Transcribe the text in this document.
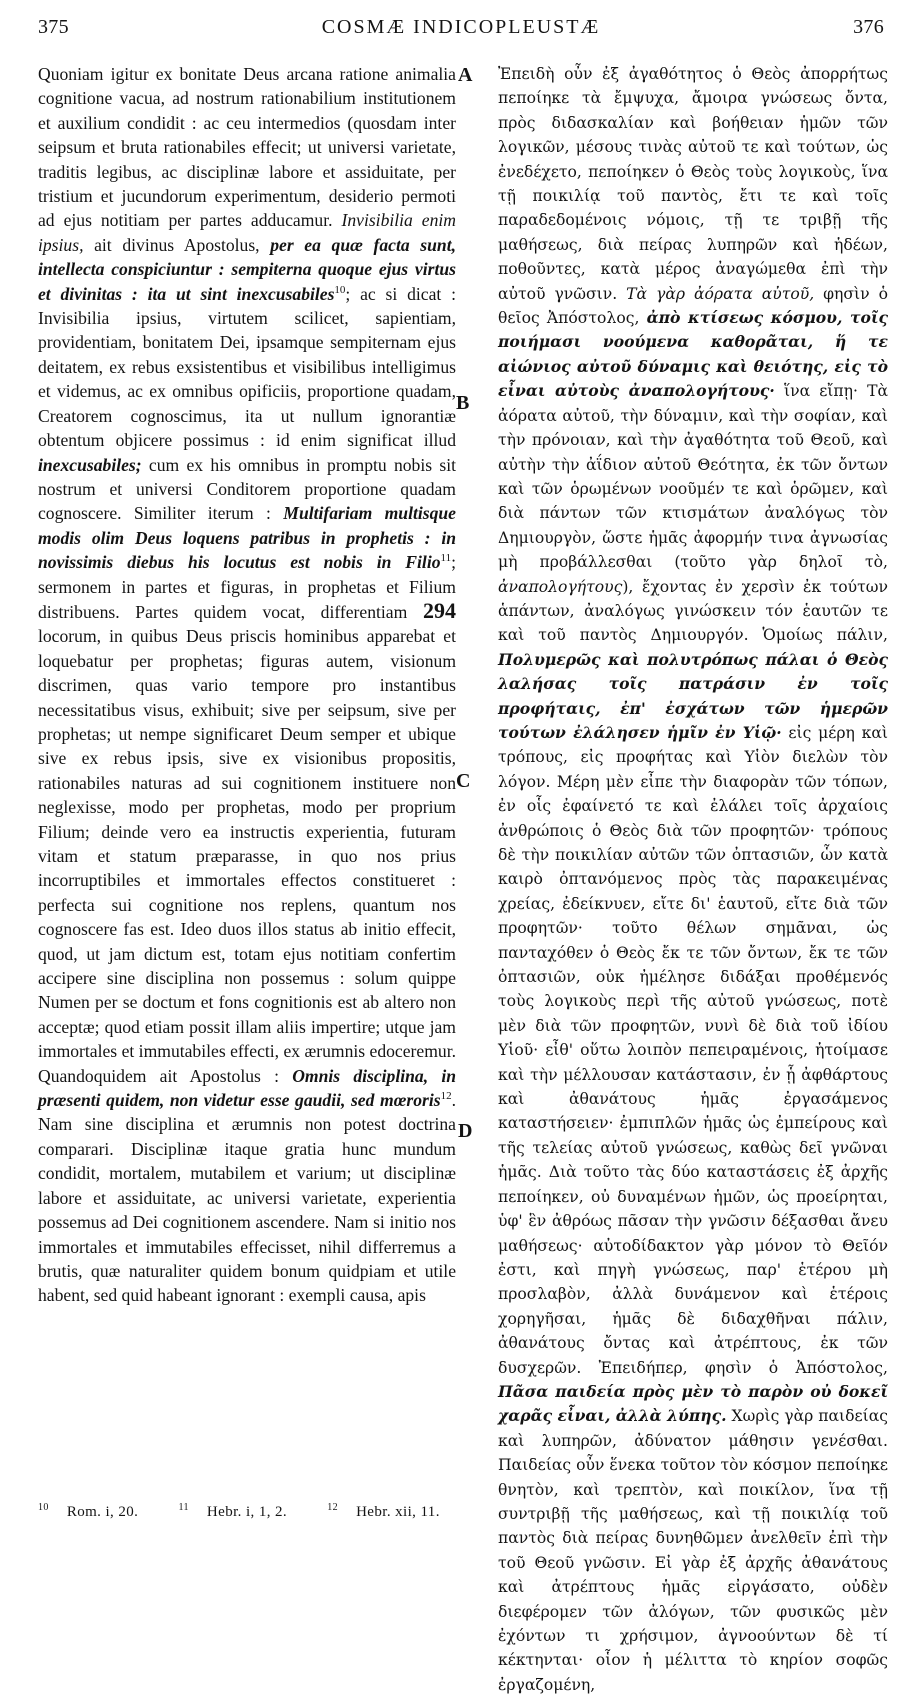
375	COSMÆ INDICOPLEUSTÆ	376
A
B
C
D

Quoniam igitur ex bonitate Deus arcana ratione animalia cognitione vacua, ad nostrum rationabilium institutionem et auxilium condidit : ac ceu intermedios (quosdam inter seipsum et bruta rationabiles effecit; ut universi varietate, traditis legibus, ac disciplinæ labore et assiduitate, per tristium et jucundorum experimentum, desiderio permoti ad ejus notitiam per partes adducamur. Invisibilia enim ipsius, ait divinus Apostolus, per ea quæ facta sunt, intellecta conspiciuntur : sempiterna quoque ejus virtus et divinitas : ita ut sint inexcusabiles$^{10}$; ac si dicat : Invisibilia ipsius, virtutem scilicet, sapientiam, providentiam, bonitatem Dei, ipsamque sempiternam ejus deitatem, ex rebus exsistentibus et visibilibus intelligimus et videmus, ac ex omnibus opificiis, proportione quadam, Creatorem cognoscimus, ita ut nullum ignorantiæ obtentum objicere possimus : id enim significat illud inexcusabiles; cum ex his omnibus in promptu nobis sit nostrum et universi Conditorem proportione quadam cognoscere. Similiter iterum : Multifariam multisque modis olim Deus loquens patribus in prophetis : in novissimis diebus his locutus est nobis in Filio$^{11}$; sermonem in partes et figuras, in prophetas et Filium distribuens. Partes quidem vocat, differentiam 294 locorum, in quibus Deus priscis hominibus apparebat et loquebatur per prophetas; figuras autem, visionum discrimen, quas vario tempore pro instantibus necessitatibus visus, exhibuit; sive per seipsum, sive per prophetas; ut nempe significaret Deum semper et ubique sive ex rebus ipsis, sive ex visionibus propositis, rationabiles naturas ad sui cognitionem instituere non neglexisse, modo per prophetas, modo per proprium Filium; deinde vero ea instructis experientia, futuram vitam et statum præparasse, in quo nos prius incorruptibiles et immortales effectos constitueret : perfecta sui cognitione nos replens, quantum nos cognoscere fas est. Ideo duos illos status ab initio effecit, quod, ut jam dictum est, totam ejus notitiam confertim accipere sine disciplina non possemus : solum quippe Numen per se doctum et fons cognitionis est ab altero non acceptæ; quod etiam possit illam aliis impertire; utque jam immortales et immutabiles effecti, ex ærumnis edoceremur. Quandoquidem ait Apostolus : Omnis disciplina, in præsenti quidem, non videtur esse gaudii, sed mœroris$^{12}$. Nam sine disciplina et ærumnis non potest doctrina comparari. Disciplinæ itaque gratia hunc mundum condidit, mortalem, mutabilem et varium; ut disciplinæ labore et assiduitate, ac universi varietate, experientia possemus ad Dei cognitionem ascendere. Nam si initio nos immortales et immutabiles effecisset, nihil differremus a brutis, quæ naturaliter quidem bonum quidpiam et utile habent, sed quid habeant ignorant : exempli causa, apis

Ἐπειδὴ οὖν ἐξ ἀγαθότητος ὁ Θεὸς ἀπορρήτως πεποίηκε τὰ ἔμψυχα, ἄμοιρα γνώσεως ὄντα, πρὸς διδασκαλίαν καὶ βοήθειαν ἡμῶν τῶν λογικῶν, μέσους τινὰς αὐτοῦ τε καὶ τούτων, ὡς ἐνεδέχετο, πεποίηκεν ὁ Θεὸς τοὺς λογικοὺς, ἵνα τῇ ποικιλίᾳ τοῦ παντὸς, ἔτι τε καὶ τοῖς παραδεδομένοις νόμοις, τῇ τε τριβῇ τῆς μαθήσεως, διὰ πείρας λυπηρῶν καὶ ἡδέων, ποθοῦντες, κατὰ μέρος ἀναγώμεθα ἐπὶ τὴν αὐτοῦ γνῶσιν. Τὰ γὰρ ἀόρατα αὐτοῦ, φησὶν ὁ θεῖος Ἀπόστολος, ἀπὸ κτίσεως κόσμου, τοῖς ποιήμασι νοούμενα καθορᾶται, ἥ τε αἰώνιος αὐτοῦ δύναμις καὶ θειότης, εἰς τὸ εἶναι αὐτοὺς ἀναπολογήτους· ἵνα εἴπῃ· Τὰ ἀόρατα αὐτοῦ, τὴν δύναμιν, καὶ τὴν σοφίαν, καὶ τὴν πρόνοιαν, καὶ τὴν ἀγαθότητα τοῦ Θεοῦ, καὶ αὐτὴν τὴν ἀΐδιον αὐτοῦ Θεότητα, ἐκ τῶν ὄντων καὶ τῶν ὁρωμένων νοοῦμέν τε καὶ ὁρῶμεν, καὶ διὰ πάντων τῶν κτισμάτων ἀναλόγως τὸν Δημιουργὸν, ὥστε ἡμᾶς ἀφορμήν τινα ἀγνωσίας μὴ προβάλλεσθαι (τοῦτο γὰρ δηλοῖ τὸ, ἀναπολογήτους), ἔχοντας ἐν χερσὶν ἐκ τούτων ἁπάντων, ἀναλόγως γινώσκειν τόν ἑαυτῶν τε καὶ τοῦ παντὸς Δημιουργόν. Ὁμοίως πάλιν, Πολυμερῶς καὶ πολυτρόπως πάλαι ὁ Θεὸς λαλήσας τοῖς πατράσιν ἐν τοῖς προφήταις, ἐπ' ἐσχάτων τῶν ἡμερῶν τούτων ἐλάλησεν ἡμῖν ἐν Υἱῷ· εἰς μέρη καὶ τρόπους, εἰς προφήτας καὶ Υἱὸν διελὼν τὸν λόγον. Μέρη μὲν εἶπε τὴν διαφορὰν τῶν τόπων, ἐν οἷς ἐφαίνετό τε καὶ ἐλάλει τοῖς ἀρχαίοις ἀνθρώποις ὁ Θεὸς διὰ τῶν προφητῶν· τρόπους δὲ τὴν ποικιλίαν αὐτῶν τῶν ὀπτασιῶν, ὧν κατὰ καιρὸ ὀπτανόμενος πρὸς τὰς παρακειμένας χρείας, ἐδείκνυεν, εἴτε δι' ἑαυτοῦ, εἴτε διὰ τῶν προφητῶν· τοῦτο θέλων σημᾶναι, ὡς πανταχόθεν ὁ Θεὸς ἔκ τε τῶν ὄντων, ἔκ τε τῶν ὀπτασιῶν, οὐκ ἠμέλησε διδάξαι προθέμενός τοὺς λογικοὺς περὶ τῆς αὐτοῦ γνώσεως, ποτὲ μὲν διὰ τῶν προφητῶν, νυνὶ δὲ διὰ τοῦ ἰδίου Υἱοῦ· εἶθ' οὕτω λοιπὸν πεπειραμένοις, ἡτοίμασε καὶ τὴν μέλλουσαν κατάστασιν, ἐν ᾗ ἀφθάρτους καὶ ἀθανάτους ἡμᾶς ἐργασάμενος καταστήσειεν· ἐμπιπλῶν ἡμᾶς ὡς ἐμπείρους καὶ τῆς τελείας αὐτοῦ γνώσεως, καθὼς δεῖ γνῶναι ἡμᾶς. Διὰ τοῦτο τὰς δύο καταστάσεις ἐξ ἀρχῆς πεποίηκεν, οὐ δυναμένων ἡμῶν, ὡς προείρηται, ὑφ' ἓν ἀθρόως πᾶσαν τὴν γνῶσιν δέξασθαι ἄνευ μαθήσεως· αὐτοδίδακτον γὰρ μόνον τὸ Θεῖόν ἐστι, καὶ πηγὴ γνώσεως, παρ' ἑτέρου μὴ προσλαβὸν, ἀλλὰ δυνάμενον καὶ ἑτέροις χορηγῆσαι, ἡμᾶς δὲ διδαχθῆναι πάλιν, ἀθανάτους ὄντας καὶ ἀτρέπτους, ἐκ τῶν δυσχερῶν. Ἐπειδήπερ, φησὶν ὁ Ἀπόστολος, Πᾶσα παιδεία πρὸς μὲν τὸ παρὸν οὐ δοκεῖ χαρᾶς εἶναι, ἀλλὰ λύπης. Χωρὶς γὰρ παιδείας καὶ λυπηρῶν, ἀδύνατον μάθησιν γενέσθαι. Παιδείας οὖν ἕνεκα τοῦτον τὸν κόσμον πεποίηκε θνητὸν, καὶ τρεπτὸν, καὶ ποικίλον, ἵνα τῇ συντριβῇ τῆς μαθήσεως, καὶ τῇ ποικιλίᾳ τοῦ παντὸς διὰ πείρας δυνηθῶμεν ἀνελθεῖν ἐπὶ τὴν τοῦ Θεοῦ γνῶσιν. Εἰ γὰρ ἐξ ἀρχῆς ἀθανάτους καὶ ἀτρέπτους ἡμᾶς εἰργάσατο, οὐδὲν διεφέρομεν τῶν ἀλόγων, τῶν φυσικῶς μὲν ἐχόντων τι χρήσιμον, ἀγνοούντων δὲ τί κέκτηνται· οἷον ἡ μέλιττα τὸ κηρίον σοφῶς ἐργαζομένη,

$^{10}$ Rom. i, 20.	$^{11}$ Hebr. i, 1, 2.	$^{12}$ Hebr. xii, 11.
